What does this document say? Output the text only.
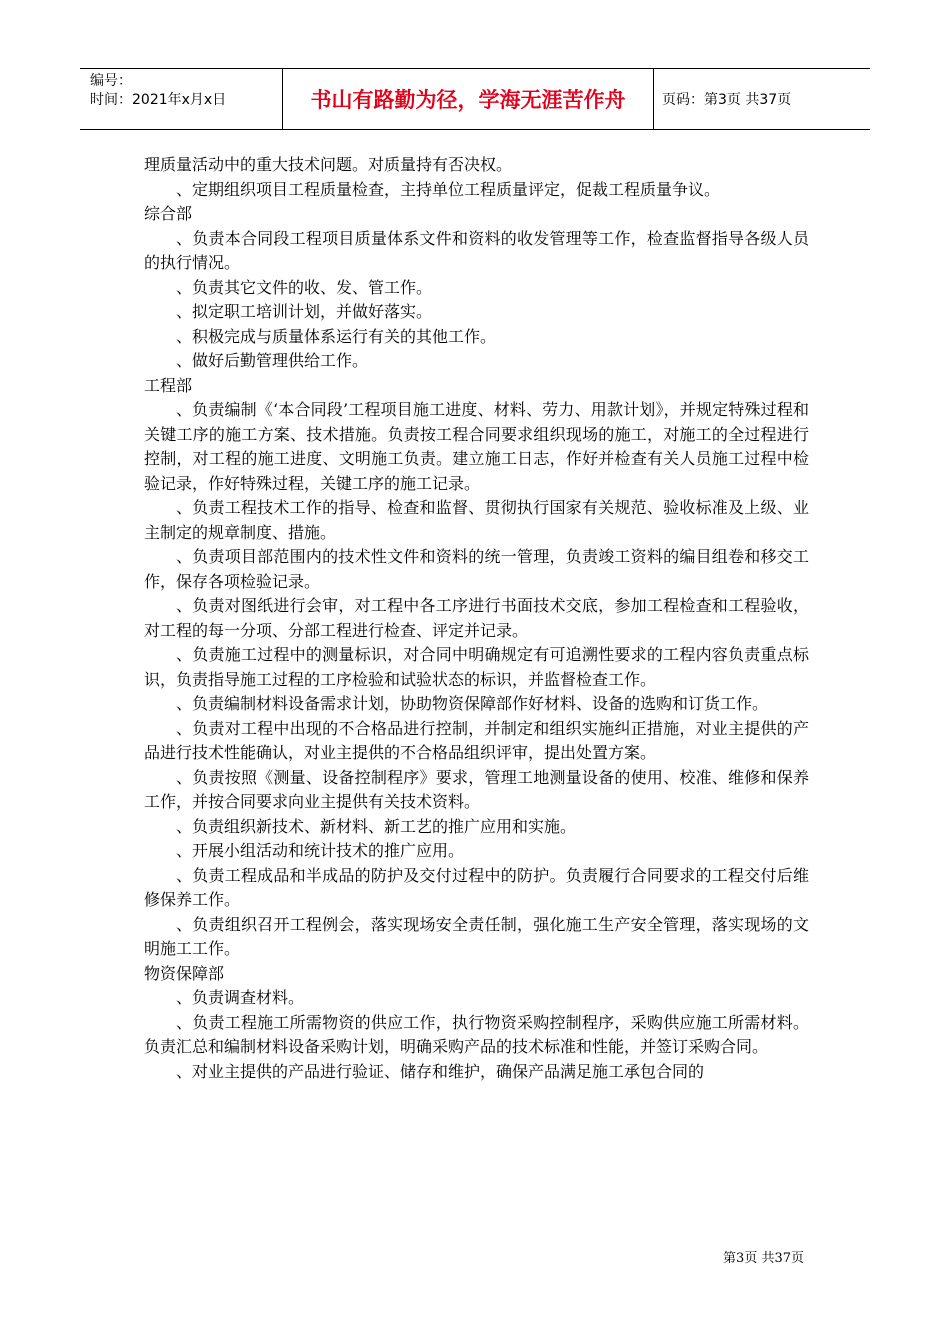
编号：
时间：2021年x月x日	书山有路勤为径，学海无涯苦作舟	页码：第3页 共37页

理质量活动中的重大技术问题。对质量持有否决权。

、定期组织项目工程质量检查，主持单位工程质量评定，促裁工程质量争议。

综合部

、负责本合同段工程项目质量体系文件和资料的收发管理等工作，检查监督指导各级人员的执行情况。

、负责其它文件的收、发、管工作。

、拟定职工培训计划，并做好落实。

、积极完成与质量体系运行有关的其他工作。

、做好后勤管理供给工作。

工程部

、负责编制《‘本合同段’工程项目施工进度、材料、劳力、用款计划》，并规定特殊过程和关键工序的施工方案、技术措施。负责按工程合同要求组织现场的施工，对施工的全过程进行控制，对工程的施工进度、文明施工负责。建立施工日志，作好并检查有关人员施工过程中检验记录，作好特殊过程，关键工序的施工记录。

、负责工程技术工作的指导、检查和监督、贯彻执行国家有关规范、验收标准及上级、业主制定的规章制度、措施。

、负责项目部范围内的技术性文件和资料的统一管理，负责竣工资料的编目组卷和移交工作，保存各项检验记录。

、负责对图纸进行会审，对工程中各工序进行书面技术交底，参加工程检查和工程验收，对工程的每一分项、分部工程进行检查、评定并记录。

、负责施工过程中的测量标识，对合同中明确规定有可追溯性要求的工程内容负责重点标识，负责指导施工过程的工序检验和试验状态的标识，并监督检查工作。

、负责编制材料设备需求计划，协助物资保障部作好材料、设备的选购和订货工作。

、负责对工程中出现的不合格品进行控制，并制定和组织实施纠正措施，对业主提供的产品进行技术性能确认，对业主提供的不合格品组织评审，提出处置方案。

、负责按照《测量、设备控制程序》要求，管理工地测量设备的使用、校准、维修和保养工作，并按合同要求向业主提供有关技术资料。

、负责组织新技术、新材料、新工艺的推广应用和实施。

、开展小组活动和统计技术的推广应用。

、负责工程成品和半成品的防护及交付过程中的防护。负责履行合同要求的工程交付后维修保养工作。

、负责组织召开工程例会，落实现场安全责任制，强化施工生产安全管理，落实现场的文明施工工作。

物资保障部

、负责调查材料。

、负责工程施工所需物资的供应工作，执行物资采购控制程序，采购供应施工所需材料。负责汇总和编制材料设备采购计划，明确采购产品的技术标准和性能，并签订采购合同。

、对业主提供的产品进行验证、储存和维护，确保产品满足施工承包合同的

第3页 共37页
